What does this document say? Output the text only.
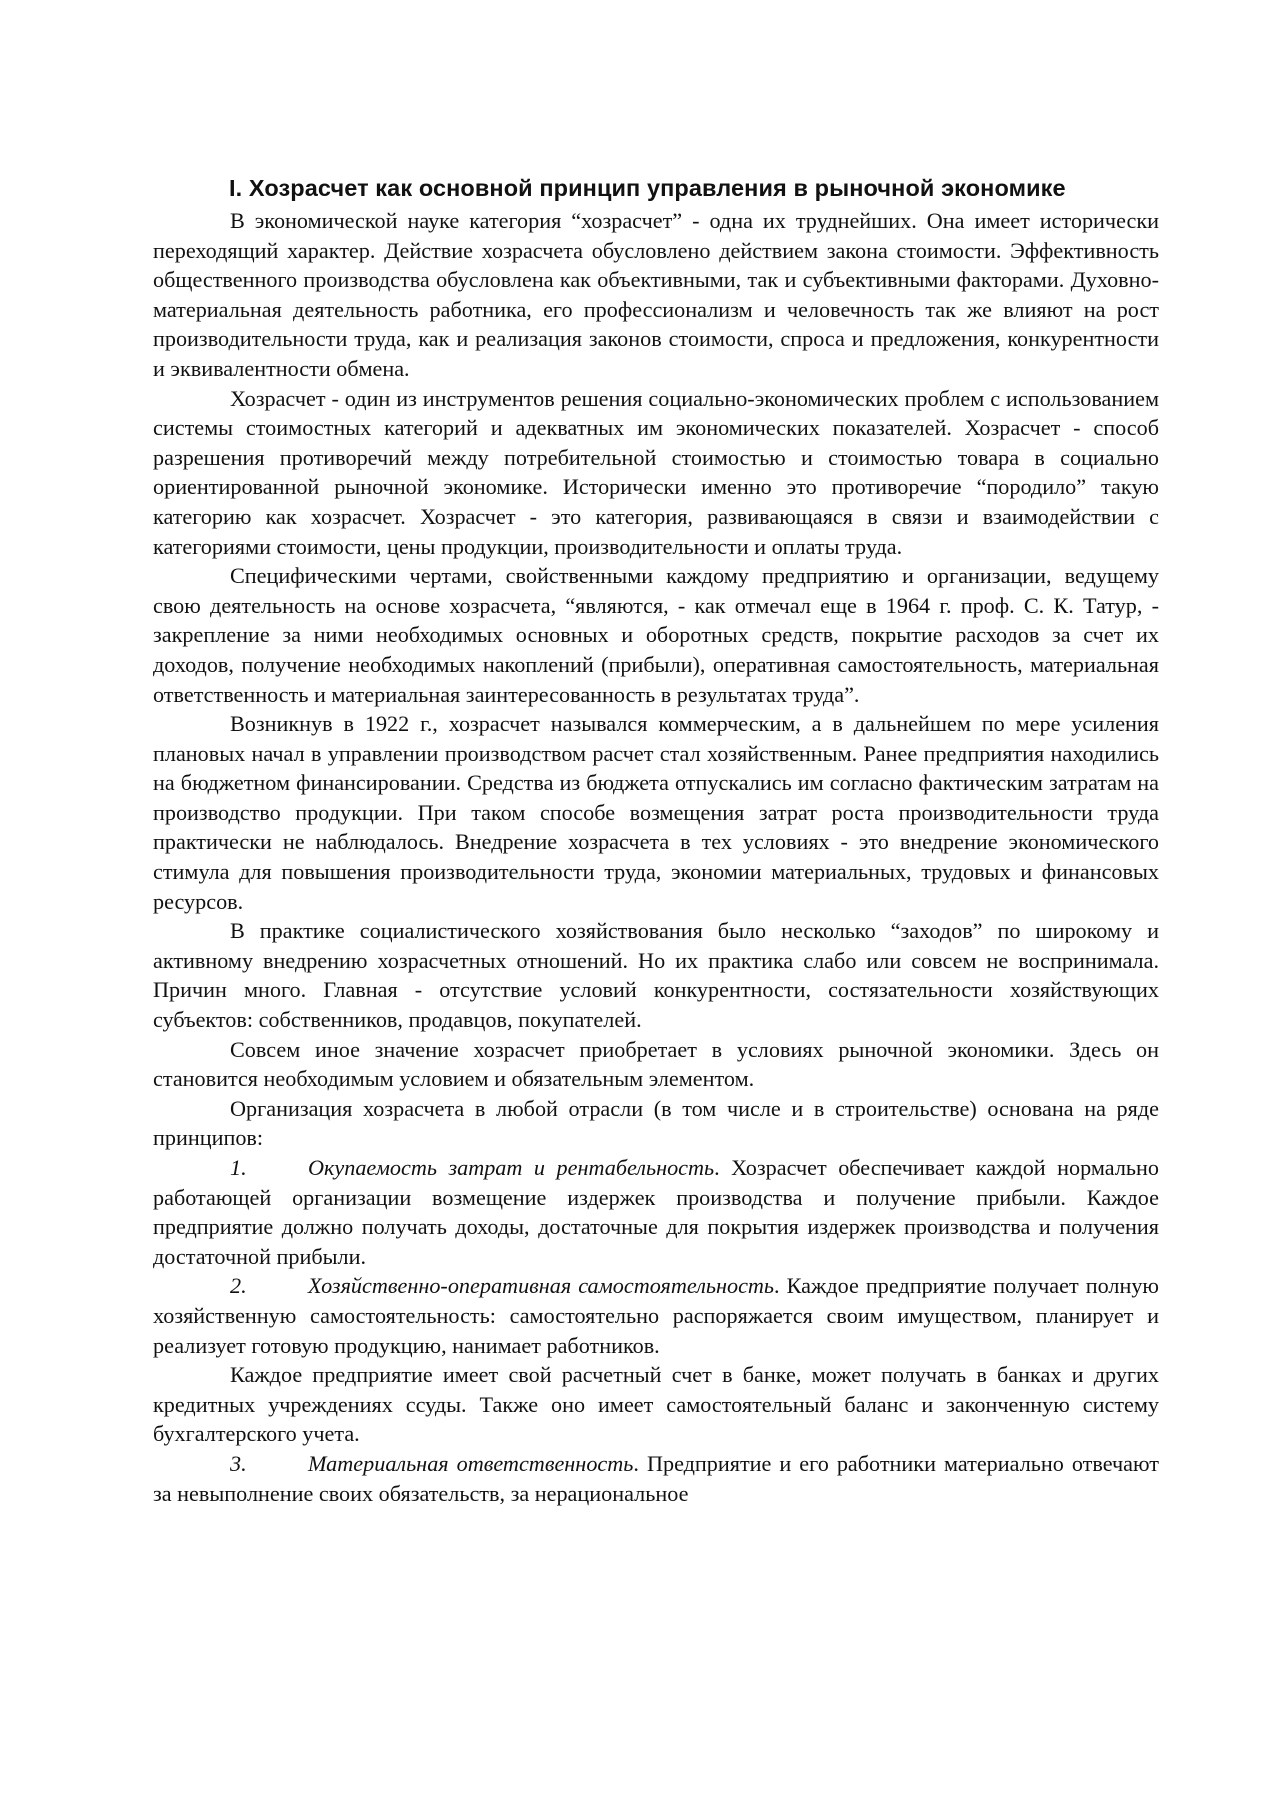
I. Хозрасчет как основной принцип управления в рыночной экономике

В экономической науке категория “хозрасчет” - одна их труднейших. Она имеет исторически переходящий характер. Действие хозрасчета обусловлено действием закона стоимости. Эффективность общественного производства обусловлена как объективными, так и субъективными факторами. Духовно-материальная деятельность работника, его профессионализм и человечность так же влияют на рост производительности труда, как и реализация законов стоимости, спроса и предложения, конкурентности и эквивалентности обмена.

Хозрасчет - один из инструментов решения социально-экономических проблем с использованием системы стоимостных категорий и адекватных им экономических показателей. Хозрасчет - способ разрешения противоречий между потребительной стоимостью и стоимостью товара в социально ориентированной рыночной экономике. Исторически именно это противоречие “породило” такую категорию как хозрасчет. Хозрасчет - это категория, развивающаяся в связи и взаимодействии с категориями стоимости, цены продукции, производительности и оплаты труда.

Специфическими чертами, свойственными каждому предприятию и организации, ведущему свою деятельность на основе хозрасчета, “являются, - как отмечал еще в 1964 г. проф. С. К. Татур, - закрепление за ними необходимых основных и оборотных средств, покрытие расходов за счет их доходов, получение необходимых накоплений (прибыли), оперативная самостоятельность, материальная ответственность и материальная заинтересованность в результатах труда”.

Возникнув в 1922 г., хозрасчет назывался коммерческим, а в дальнейшем по мере усиления плановых начал в управлении производством расчет стал хозяйственным. Ранее предприятия находились на бюджетном финансировании. Средства из бюджета отпускались им согласно фактическим затратам на производство продукции. При таком способе возмещения затрат роста производительности труда практически не наблюдалось. Внедрение хозрасчета в тех условиях - это внедрение экономического стимула для повышения производительности труда, экономии материальных, трудовых и финансовых ресурсов.

В практике социалистического хозяйствования было несколько “заходов” по широкому и активному внедрению хозрасчетных отношений. Но их практика слабо или совсем не воспринимала. Причин много. Главная - отсутствие условий конкурентности, состязательности хозяйствующих субъектов: собственников, продавцов, покупателей.

Совсем иное значение хозрасчет приобретает в условиях рыночной экономики. Здесь он становится необходимым условием и обязательным элементом.

Организация хозрасчета в любой отрасли (в том числе и в строительстве) основана на ряде принципов:

1.	Окупаемость затрат и рентабельность. Хозрасчет обеспечивает каждой нормально работающей организации возмещение издержек производства и получение прибыли. Каждое предприятие должно получать доходы, достаточные для покрытия издержек производства и получения достаточной прибыли.

2.	Хозяйственно-оперативная самостоятельность. Каждое предприятие получает полную хозяйственную самостоятельность: самостоятельно распоряжается своим имуществом, планирует и реализует готовую продукцию, нанимает работников.

Каждое предприятие имеет свой расчетный счет в банке, может получать в банках и других кредитных учреждениях ссуды. Также оно имеет самостоятельный баланс и законченную систему бухгалтерского учета.

3.	Материальная ответственность. Предприятие и его работники материально отвечают за невыполнение своих обязательств, за нерациональное
